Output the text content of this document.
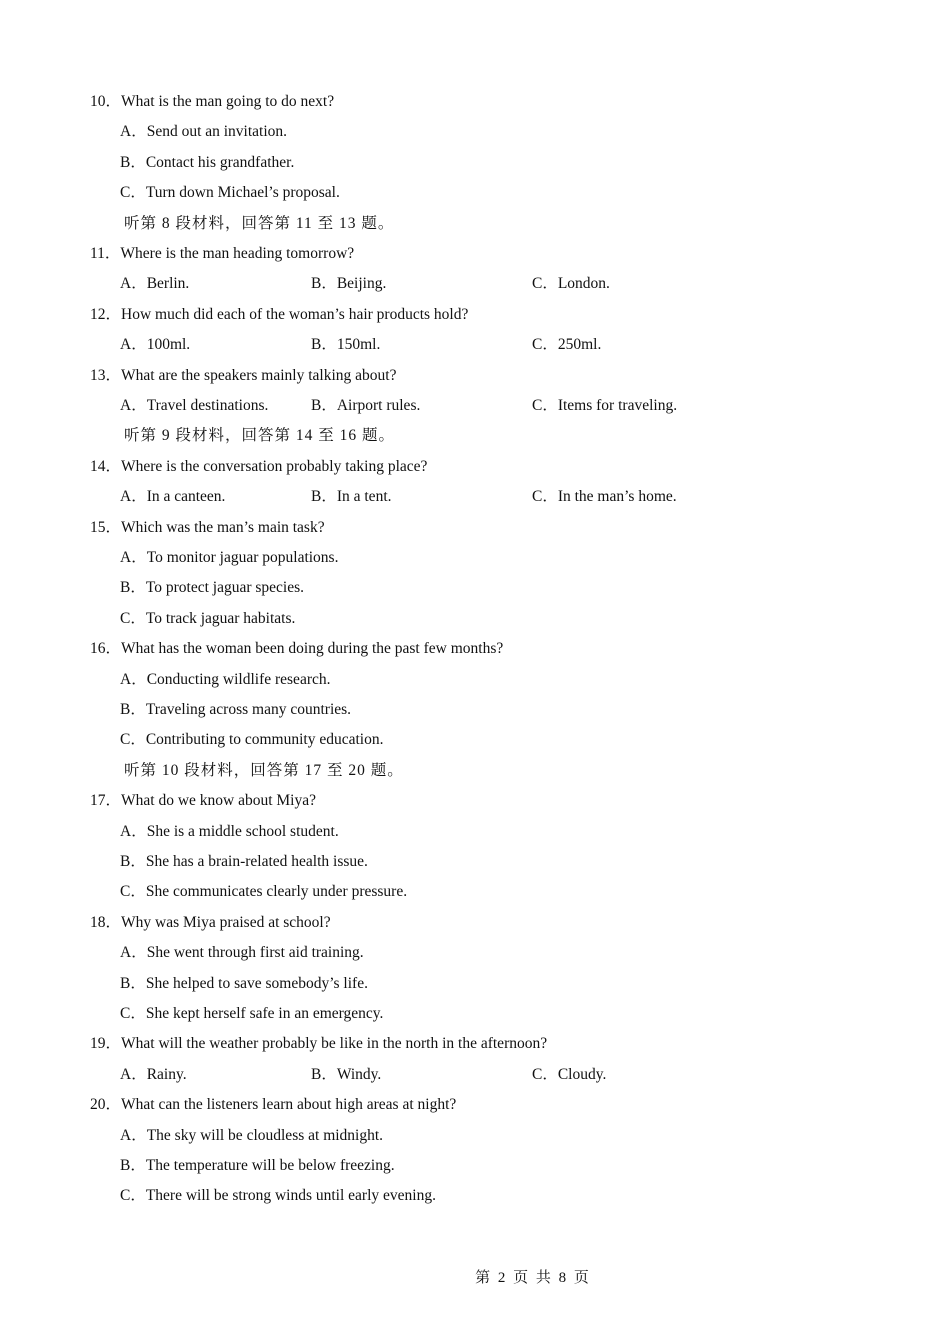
10．What is the man going to do next?
A．Send out an invitation.
B．Contact his grandfather.
C．Turn down Michael’s proposal.
听第 8 段材料，回答第 11 至 13 题。
11．Where is the man heading tomorrow?
A．Berlin.	B．Beijing.	C．London.
12．How much did each of the woman’s hair products hold?
A．100ml.	B．150ml.	C．250ml.
13．What are the speakers mainly talking about?
A．Travel destinations.	B．Airport rules.	C．Items for traveling.
听第 9 段材料，回答第 14 至 16 题。
14．Where is the conversation probably taking place?
A．In a canteen.	B．In a tent.	C．In the man’s home.
15．Which was the man’s main task?
A．To monitor jaguar populations.
B．To protect jaguar species.
C．To track jaguar habitats.
16．What has the woman been doing during the past few months?
A．Conducting wildlife research.
B．Traveling across many countries.
C．Contributing to community education.
听第 10 段材料，回答第 17 至 20 题。
17．What do we know about Miya?
A．She is a middle school student.
B．She has a brain-related health issue.
C．She communicates clearly under pressure.
18．Why was Miya praised at school?
A．She went through first aid training.
B．She helped to save somebody’s life.
C．She kept herself safe in an emergency.
19．What will the weather probably be like in the north in the afternoon?
A．Rainy.	B．Windy.	C．Cloudy.
20．What can the listeners learn about high areas at night?
A．The sky will be cloudless at midnight.
B．The temperature will be below freezing.
C．There will be strong winds until early evening.
第 2 页 共 8 页
